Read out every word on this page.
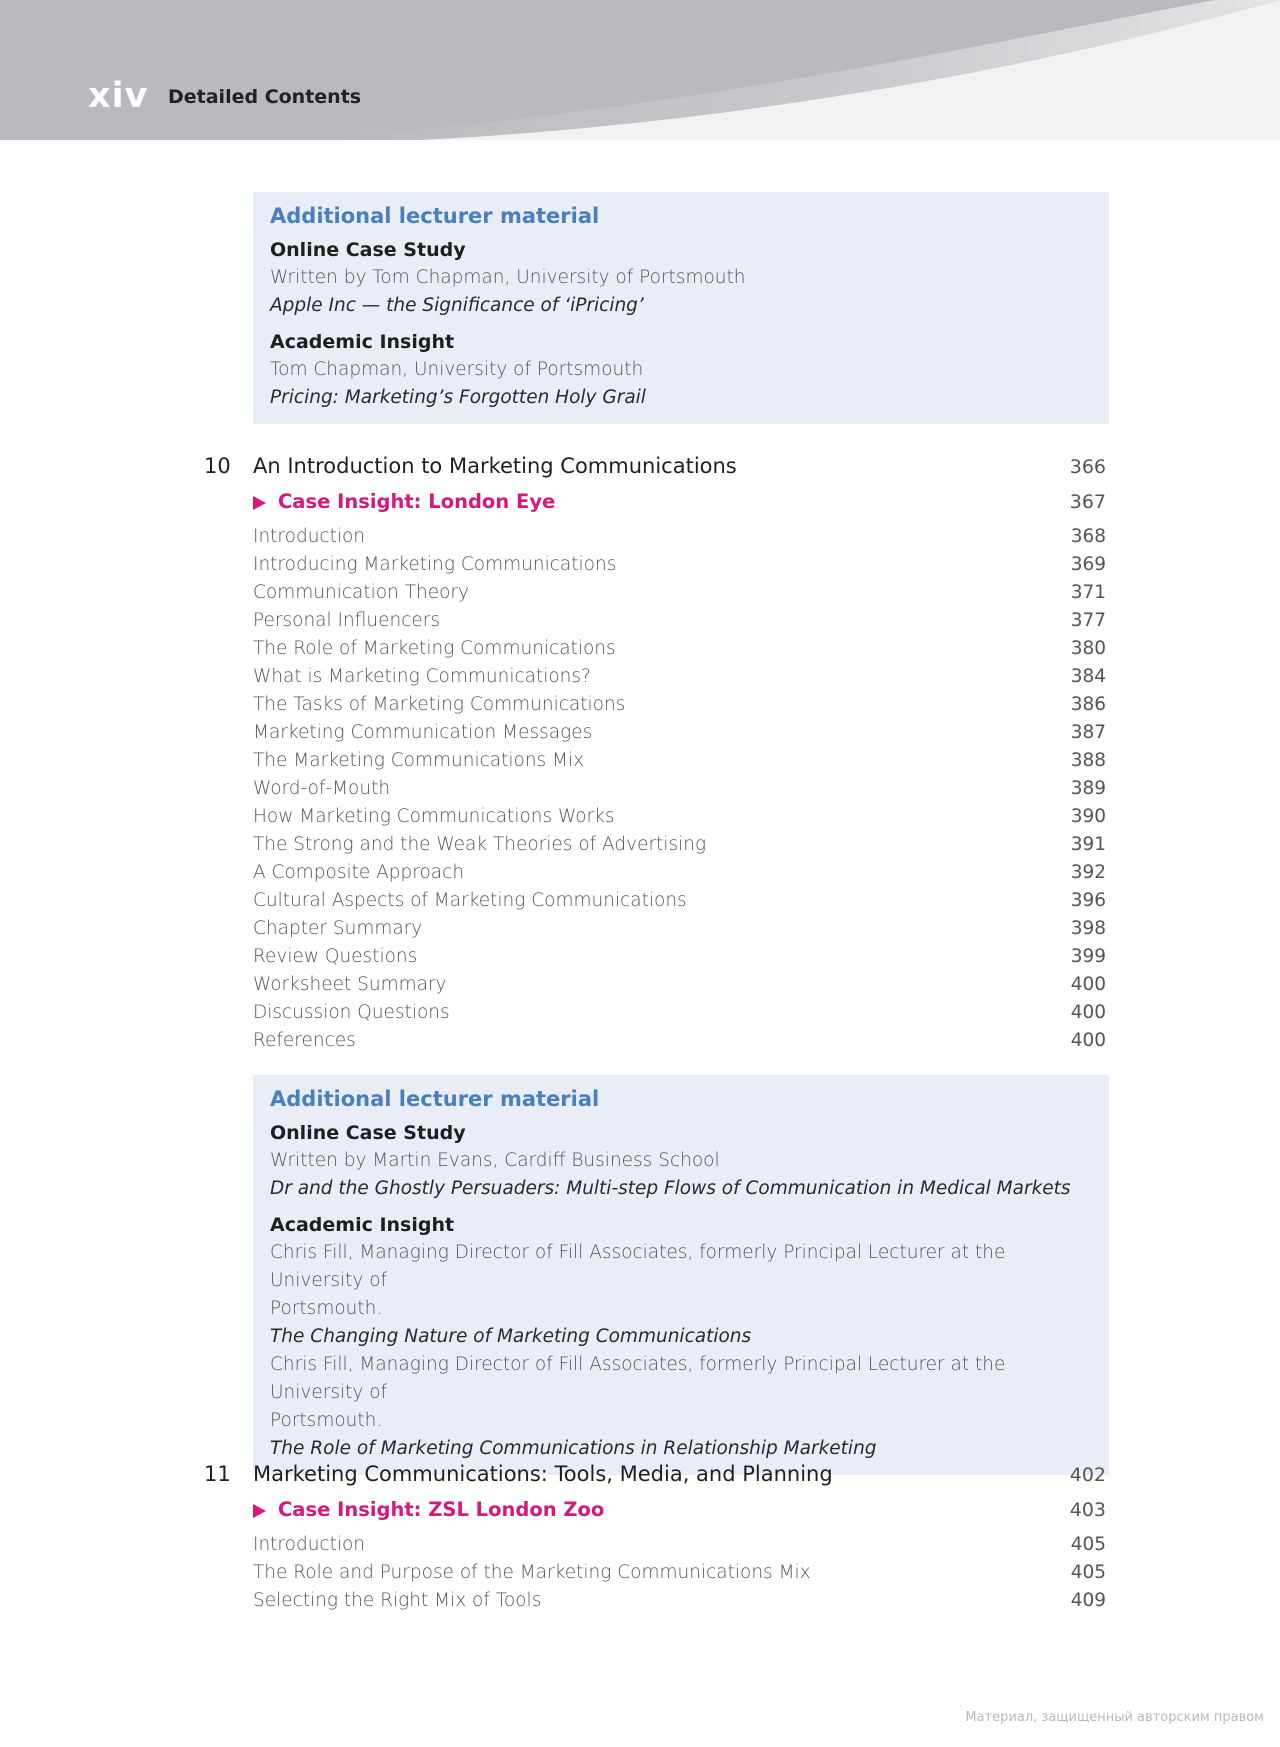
xiv Detailed Contents
Additional lecturer material
Online Case Study
Written by Tom Chapman, University of Portsmouth
Apple Inc — the Significance of ‘iPricing’
Academic Insight
Tom Chapman, University of Portsmouth
Pricing: Marketing’s Forgotten Holy Grail
10 An Introduction to Marketing Communications	366
Case Insight: London Eye	367
Introduction	368
Introducing Marketing Communications	369
Communication Theory	371
Personal Influencers	377
The Role of Marketing Communications	380
What is Marketing Communications?	384
The Tasks of Marketing Communications	386
Marketing Communication Messages	387
The Marketing Communications Mix	388
Word-of-Mouth	389
How Marketing Communications Works	390
The Strong and the Weak Theories of Advertising	391
A Composite Approach	392
Cultural Aspects of Marketing Communications	396
Chapter Summary	398
Review Questions	399
Worksheet Summary	400
Discussion Questions	400
References	400
Additional lecturer material
Online Case Study
Written by Martin Evans, Cardiff Business School
Dr and the Ghostly Persuaders: Multi-step Flows of Communication in Medical Markets
Academic Insight
Chris Fill, Managing Director of Fill Associates, formerly Principal Lecturer at the University of
Portsmouth.
The Changing Nature of Marketing Communications
Chris Fill, Managing Director of Fill Associates, formerly Principal Lecturer at the University of
Portsmouth.
The Role of Marketing Communications in Relationship Marketing
11 Marketing Communications: Tools, Media, and Planning	402
Case Insight: ZSL London Zoo	403
Introduction	405
The Role and Purpose of the Marketing Communications Mix	405
Selecting the Right Mix of Tools	409
Материал, защищенный авторским правом
